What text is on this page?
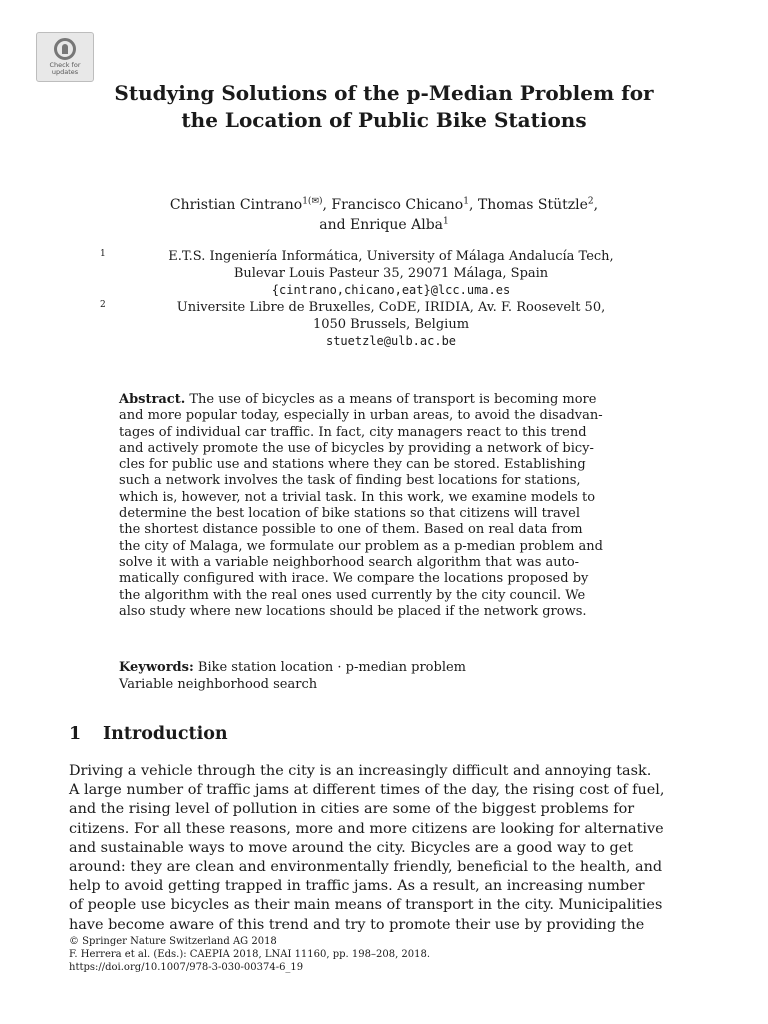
Check for
updates
Studying Solutions of the p-Median Problem for the Location of Public Bike Stations
Christian Cintrano$^{1(✉)}$, Francisco Chicano$^1$, Thomas Stützle$^2$,
and Enrique Alba$^1$
1	E.T.S. Ingeniería Informática, University of Málaga Andalucía Tech,
Bulevar Louis Pasteur 35, 29071 Málaga, Spain
{cintrano,chicano,eat}@lcc.uma.es
2	Universite Libre de Bruxelles, CoDE, IRIDIA, Av. F. Roosevelt 50,
1050 Brussels, Belgium
stuetzle@ulb.ac.be
Abstract. The use of bicycles as a means of transport is becoming more
and more popular today, especially in urban areas, to avoid the disadvan-
tages of individual car traffic. In fact, city managers react to this trend
and actively promote the use of bicycles by providing a network of bicy-
cles for public use and stations where they can be stored. Establishing
such a network involves the task of finding best locations for stations,
which is, however, not a trivial task. In this work, we examine models to
determine the best location of bike stations so that citizens will travel
the shortest distance possible to one of them. Based on real data from
the city of Malaga, we formulate our problem as a p-median problem and
solve it with a variable neighborhood search algorithm that was auto-
matically configured with irace. We compare the locations proposed by
the algorithm with the real ones used currently by the city council. We
also study where new locations should be placed if the network grows.
Keywords: Bike station location · p-median problem
Variable neighborhood search
1 Introduction
Driving a vehicle through the city is an increasingly difficult and annoying task.
A large number of traffic jams at different times of the day, the rising cost of fuel,
and the rising level of pollution in cities are some of the biggest problems for
citizens. For all these reasons, more and more citizens are looking for alternative
and sustainable ways to move around the city. Bicycles are a good way to get
around: they are clean and environmentally friendly, beneficial to the health, and
help to avoid getting trapped in traffic jams. As a result, an increasing number
of people use bicycles as their main means of transport in the city. Municipalities
have become aware of this trend and try to promote their use by providing the
© Springer Nature Switzerland AG 2018
F. Herrera et al. (Eds.): CAEPIA 2018, LNAI 11160, pp. 198–208, 2018.
https://doi.org/10.1007/978-3-030-00374-6_19
